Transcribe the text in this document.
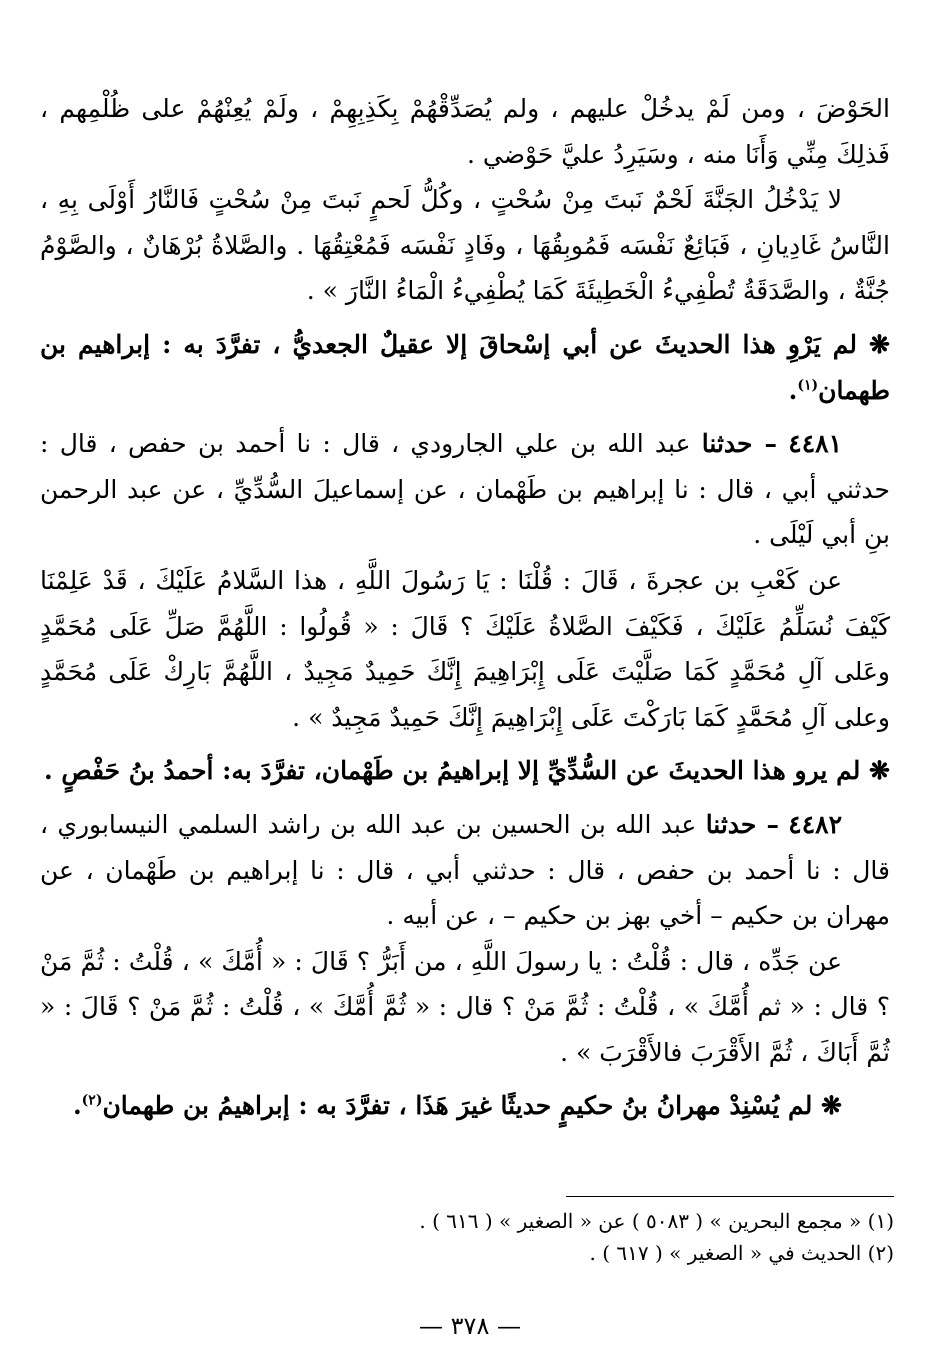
الحَوْضَ ، ومن لَمْ يدخُلْ عليهم ، ولم يُصَدِّقْهُمْ بِكَذِبِهِمْ ، ولَمْ يُعِنْهُمْ على ظُلْمِهم ، فَذلِكَ مِنِّي وَأَنَا منه ، وسَيَرِدُ عليَّ حَوْضي .

لا يَدْخُلُ الجَنَّةَ لَحْمٌ نَبتَ مِنْ سُحْتٍ ، وكُلُّ لَحمٍ نَبتَ مِنْ سُحْتٍ فَالنَّارُ أَوْلَى بِهِ ، النَّاسُ غَادِيانِ ، فَبَائِعٌ نَفْسَه فَمُوبِقُهَا ، وفَادٍ نَفْسَه فَمُعْتِقُهَا . والصَّلاةُ بُرْهَانٌ ، والصَّوْمُ جُنَّةٌ ، والصَّدَقَةُ تُطْفِيءُ الْخَطِيئَةَ كَمَا يُطْفِيءُ الْمَاءُ النَّارَ » .

❋ لم يَرْوِ هذا الحديثَ عن أبي إسْحاقَ إلا عقيلٌ الجعديُّ ، تفرَّدَ به : إبراهيم بن طهمان$^{(١)}$.

٤٤٨١ – حدثنا عبد الله بن علي الجارودي ، قال : نا أحمد بن حفص ، قال : حدثني أبي ، قال : نا إبراهيم بن طَهْمان ، عن إسماعيلَ السُّدِّيِّ ، عن عبد الرحمن بنِ أبي لَيْلَى .

عن كَعْبِ بن عجرةَ ، قَالَ : قُلْنَا : يَا رَسُولَ اللَّهِ ، هذا السَّلامُ عَلَيْكَ ، قَدْ عَلِمْنَا كَيْفَ نُسَلِّمُ عَلَيْكَ ، فَكَيْفَ الصَّلاةُ عَلَيْكَ ؟ قَالَ : « قُولُوا : اللَّهُمَّ صَلِّ عَلَى مُحَمَّدٍ وعَلى آلِ مُحَمَّدٍ كَمَا صَلَّيْتَ عَلَى إِبْرَاهِيمَ إِنَّكَ حَمِيدٌ مَجِيدٌ ، اللَّهُمَّ بَارِكْ عَلَى مُحَمَّدٍ وعلى آلِ مُحَمَّدٍ كَمَا بَارَكْتَ عَلَى إِبْرَاهِيمَ إِنَّكَ حَمِيدٌ مَجِيدٌ » .

❋ لم يرو هذا الحديثَ عن السُّدِّيِّ إلا إبراهيمُ بن طَهْمان، تفرَّدَ به: أحمدُ بنُ حَفْصٍ .

٤٤٨٢ – حدثنا عبد الله بن الحسين بن عبد الله بن راشد السلمي النيسابوري ، قال : نا أحمد بن حفص ، قال : حدثني أبي ، قال : نا إبراهيم بن طَهْمان ، عن مهران بن حكيم – أخي بهز بن حكيم – ، عن أبيه .

عن جَدِّه ، قال : قُلْتُ : يا رسولَ اللَّهِ ، من أَبَرُّ ؟ قَالَ : « أُمَّكَ » ، قُلْتُ : ثُمَّ مَنْ ؟ قال : « ثم أُمَّكَ » ، قُلْتُ : ثُمَّ مَنْ ؟ قال : « ثُمَّ أُمَّكَ » ، قُلْتُ : ثُمَّ مَنْ ؟ قَالَ : « ثُمَّ أَبَاكَ ، ثُمَّ الأَقْرَبَ فالأَقْرَبَ » .

❋ لم يُسْنِدْ مهرانُ بنُ حكيمٍ حديثًا غيرَ هَذَا ، تفرَّدَ به : إبراهيمُ بن طهمان$^{(٢)}$.

(١) « مجمع البحرين » ( ٥٠٨٣ ) عن « الصغير » ( ٦١٦ ) .

(٢) الحديث في « الصغير » ( ٦١٧ ) .

— ٣٧٨ —
